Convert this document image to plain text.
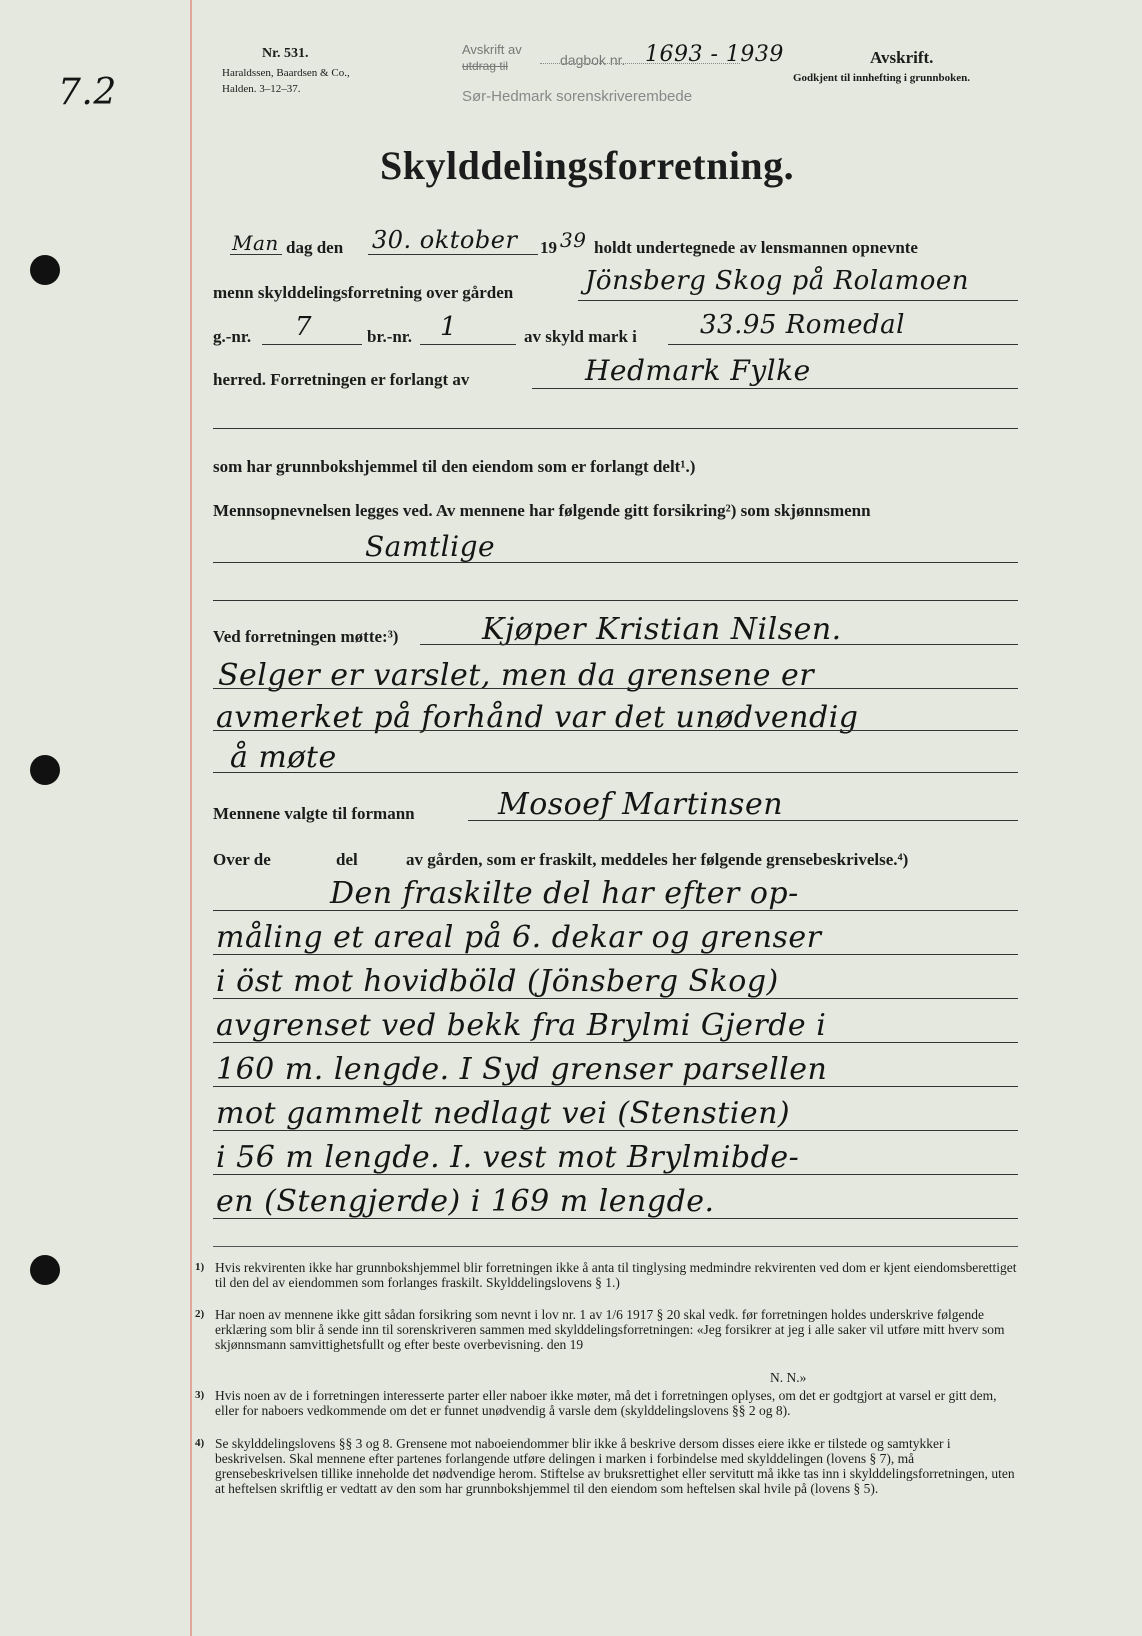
7.2
Nr. 531.
Haraldssen, Baardsen & Co.,
Halden. 3–12–37.
Avskrift av
utdrag til	dagbok nr. 1693 - 1939
Sør-Hedmark sorenskriverembede
Avskrift.
Godkjent til innhefting i grunnboken.
Skylddelingsforretning.
Man dag den 30. oktober 19 39 holdt undertegnede av lensmannen opnevnte
menn skylddelingsforretning over gården	Jönsberg Skog på Rolamoen
g.-nr. 7	br.-nr. 1	av skyld mark i 33.95 Romedal
herred. Forretningen er forlangt av	Hedmark Fylke
som har grunnbokshjemmel til den eiendom som er forlangt delt¹.)
Mennsopnevnelsen legges ved. Av mennene har følgende gitt forsikring²) som skjønnsmenn
Samtlige
Ved forretningen møtte:³)	Kjøper Kristian Nilsen.
Selger er varslet, men da grensene er
avmerket på forhånd var det unødvendig
å møte
Mennene valgte til formann	Mosoef Martinsen
Over de	del	av gården, som er fraskilt, meddeles her følgende grensebeskrivelse.⁴)
Den fraskilte del har efter op-
måling et areal på 6. dekar og grenser
i öst mot hovidböld (Jönsberg Skog)
avgrenset ved bekk fra Brylmi Gjerde i
160 m. lengde. I Syd grenser parsellen
mot gammelt nedlagt vei (Stenstien)
i 56 m lengde. I. vest mot Brylmibde-
en (Stengjerde) i 169 m lengde.
1) Hvis rekvirenten ikke har grunnbokshjemmel blir forretningen ikke å anta til tinglysing medmindre rekvirenten ved dom er kjent eiendomsberettiget til den del av eiendommen som forlanges fraskilt. Skylddelingslovens § 1.)
2) Har noen av mennene ikke gitt sådan forsikring som nevnt i lov nr. 1 av 1/6 1917 § 20 skal vedk. før forretningen holdes underskrive følgende erklæring som blir å sende inn til sorenskriveren sammen med skylddelingsforretningen: «Jeg forsikrer at jeg i alle saker vil utføre mitt hverv som skjønnsmann samvittighetsfullt og efter beste overbevisning. den 19
N. N.»
3) Hvis noen av de i forretningen interesserte parter eller naboer ikke møter, må det i forretningen oplyses, om det er godtgjort at varsel er gitt dem, eller for naboers vedkommende om det er funnet unødvendig å varsle dem (skylddelingslovens §§ 2 og 8).
4) Se skylddelingslovens §§ 3 og 8. Grensene mot naboeiendommer blir ikke å beskrive dersom disses eiere ikke er tilstede og samtykker i beskrivelsen. Skal mennene efter partenes forlangende utføre delingen i marken i forbindelse med skylddelingen (lovens § 7), må grensebeskrivelsen tillike inneholde det nødvendige herom. Stiftelse av bruksrettighet eller servitutt må ikke tas inn i skylddelingsforretningen, uten at heftelsen skriftlig er vedtatt av den som har grunnbokshjemmel til den eiendom som heftelsen skal hvile på (lovens § 5).
